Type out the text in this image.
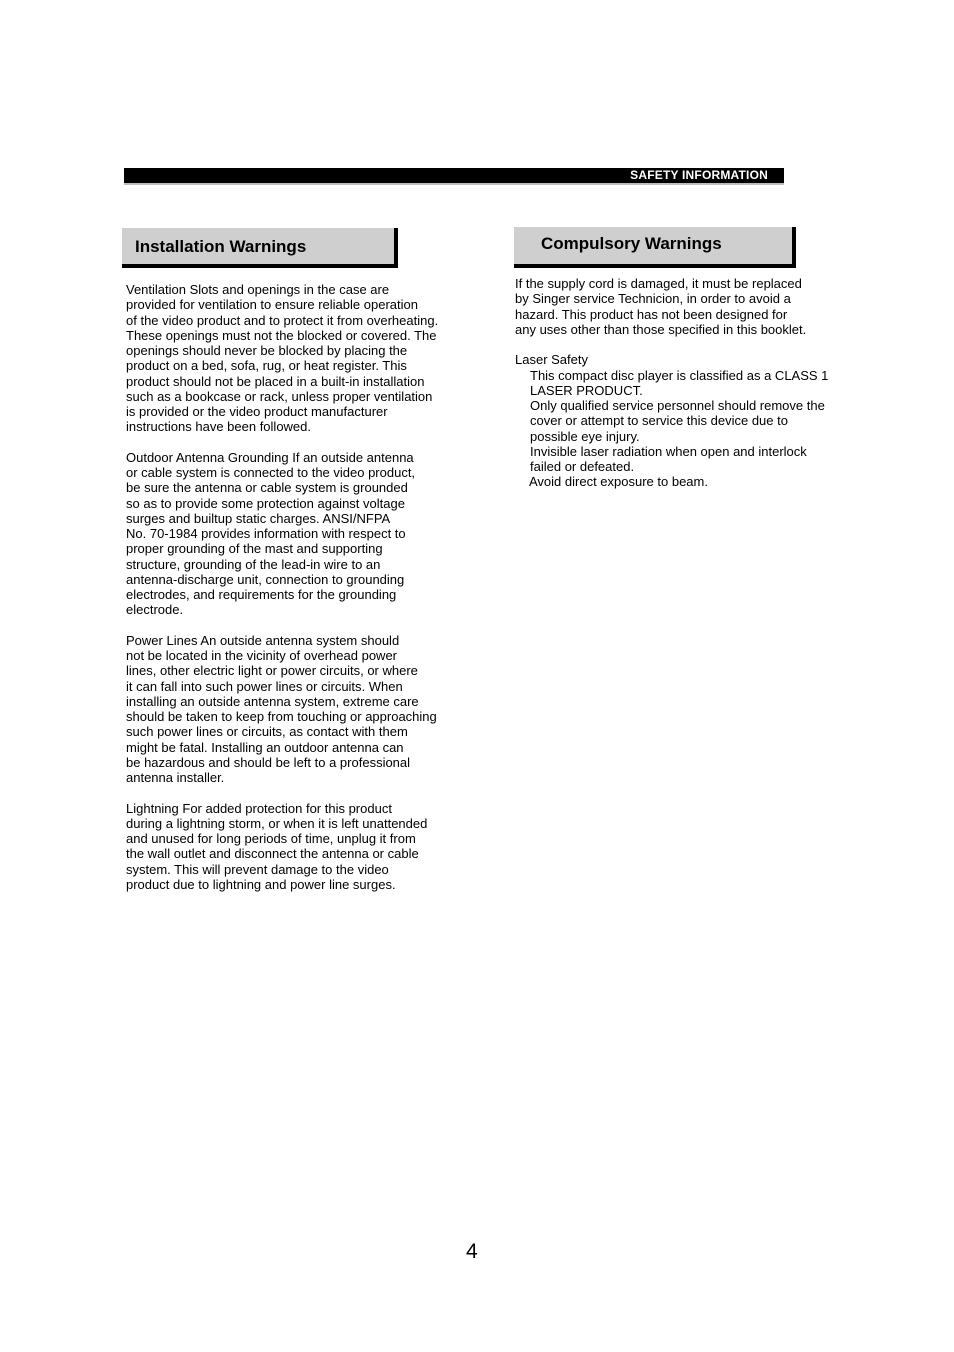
SAFETY INFORMATION
Installation Warnings	Compulsory Warnings
Ventilation Slots and openings in the case are
provided for ventilation to ensure reliable operation
of the video product and to protect it from overheating.
These openings must not the blocked or covered. The
openings should never be blocked by placing the
product on a bed, sofa, rug, or heat register. This
product should not be placed in a built-in installation
such as a bookcase or rack, unless proper ventilation
is provided or the video product manufacturer
instructions have been followed.
Outdoor Antenna Grounding If an outside antenna
or cable system is connected to the video product,
be sure the antenna or cable system is grounded
so as to provide some protection against voltage
surges and builtup static charges. ANSI/NFPA
No. 70-1984 provides information with respect to
proper grounding of the mast and supporting
structure, grounding of the lead-in wire to an
antenna-discharge unit, connection to grounding
electrodes, and requirements for the grounding
electrode.
Power Lines An outside antenna system should
not be located in the vicinity of overhead power
lines, other electric light or power circuits, or where
it can fall into such power lines or circuits. When
installing an outside antenna system, extreme care
should be taken to keep from touching or approaching
such power lines or circuits, as contact with them
might be fatal. Installing an outdoor antenna can
be hazardous and should be left to a professional
antenna installer.
Lightning For added protection for this product
during a lightning storm, or when it is left unattended
and unused for long periods of time, unplug it from
the wall outlet and disconnect the antenna or cable
system. This will prevent damage to the video
product due to lightning and power line surges.
If the supply cord is damaged, it must be replaced
by Singer service Technicion, in order to avoid a
hazard. This product has not been designed for
any uses other than those specified in this booklet.
Laser Safety
This compact disc player is classified as a CLASS 1
LASER PRODUCT.
Only qualified service personnel should remove the
cover or attempt to service this device due to
possible eye injury.
Invisible laser radiation when open and interlock
failed or defeated.
Avoid direct exposure to beam.
4
